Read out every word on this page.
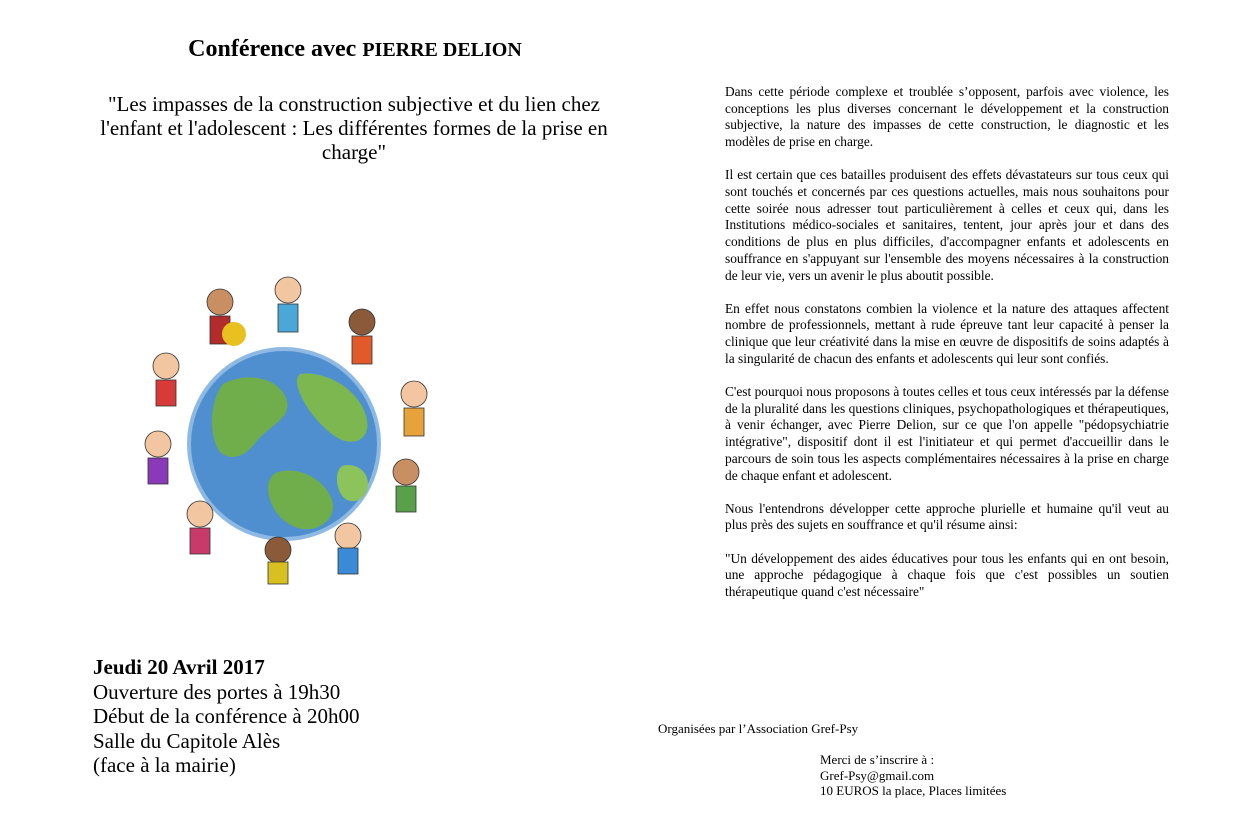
Conférence avec PIERRE DELION
"Les impasses de la construction subjective et du lien chez l'enfant et l'adolescent : Les différentes formes de la prise en charge"
Jeudi 20 Avril 2017
Ouverture des portes à 19h30
Début de la conférence à 20h00
Salle du Capitole Alès
(face à la mairie)

Dans cette période complexe et troublée s’opposent, parfois avec violence, les conceptions les plus diverses concernant le développement et la construction subjective, la nature des impasses de cette construction, le diagnostic et les modèles de prise en charge.

Il est certain que ces batailles produisent des effets dévastateurs sur tous ceux qui sont touchés et concernés par ces questions actuelles, mais nous souhaitons pour cette soirée nous adresser tout particulièrement à celles et ceux qui, dans les Institutions médico-sociales et sanitaires, tentent, jour après jour et dans des conditions de plus en plus difficiles, d'accompagner enfants et adolescents en souffrance en s'appuyant sur l'ensemble des moyens nécessaires à la construction de leur vie, vers un avenir le plus aboutit possible.

En effet nous constatons combien la violence et la nature des attaques affectent nombre de professionnels, mettant à rude épreuve tant leur capacité à penser la clinique que leur créativité dans la mise en œuvre de dispositifs de soins adaptés à la singularité de chacun des enfants et adolescents qui leur sont confiés.

C'est pourquoi nous proposons à toutes celles et tous ceux intéressés par la défense de la pluralité dans les questions cliniques, psychopathologiques et thérapeutiques, à venir échanger, avec Pierre Delion, sur ce que l'on appelle "pédopsychiatrie intégrative", dispositif dont il est l'initiateur et qui permet d'accueillir dans le parcours de soin tous les aspects complémentaires nécessaires à la prise en charge de chaque enfant et adolescent.

Nous l'entendrons développer cette approche plurielle et humaine qu'il veut au plus près des sujets en souffrance et qu'il résume ainsi:

"Un développement des aides éducatives pour tous les enfants qui en ont besoin, une approche pédagogique à chaque fois que c'est possibles un soutien thérapeutique quand c'est nécessaire"

Organisées par l’Association Gref-Psy
Merci de s’inscrire à :
Gref-Psy@gmail.com
10 EUROS la place, Places limitées
